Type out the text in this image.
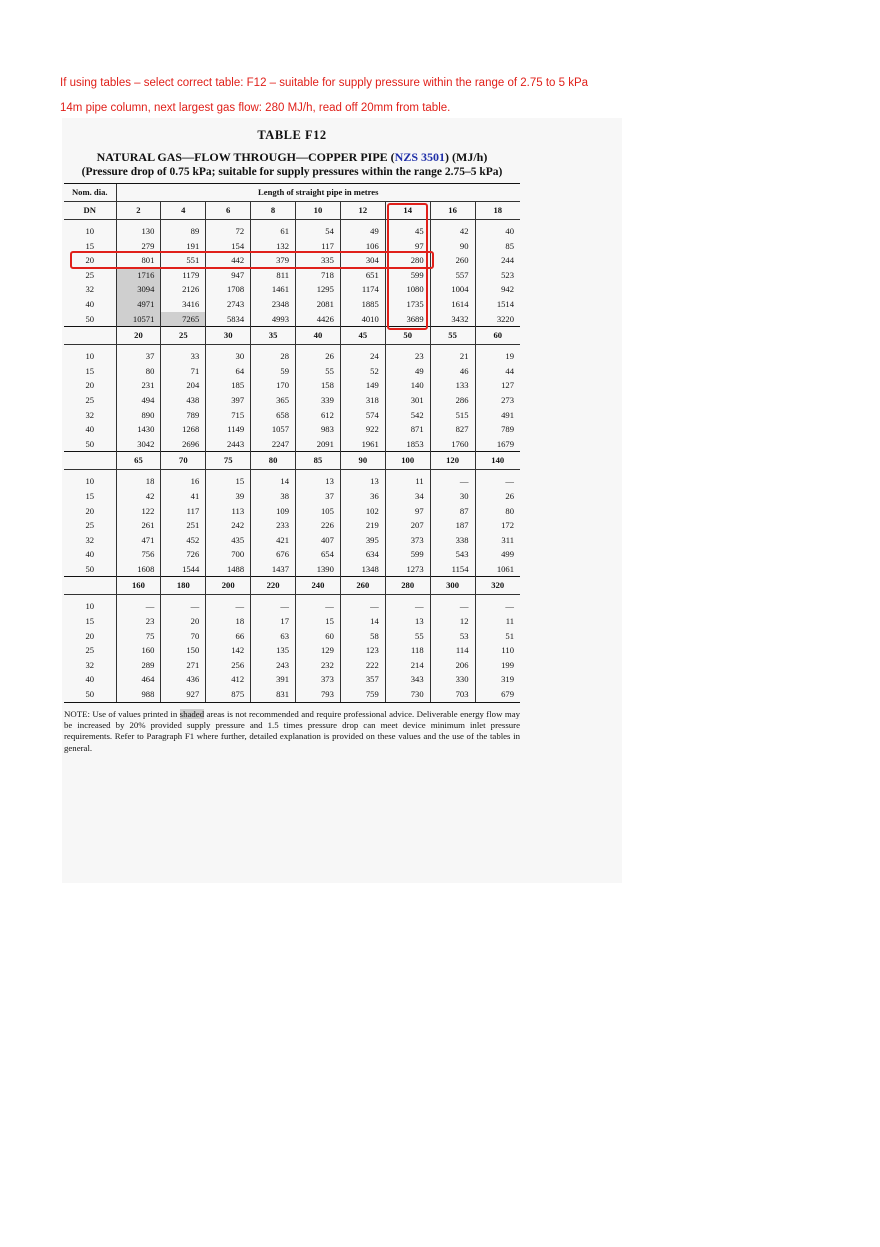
If using tables – select correct table: F12 – suitable for supply pressure within the range of 2.75 to 5 kPa
14m pipe column, next largest gas flow: 280 MJ/h, read off 20mm from table.
TABLE F12
NATURAL GAS—FLOW THROUGH—COPPER PIPE (NZS 3501) (MJ/h)
(Pressure drop of 0.75 kPa; suitable for supply pressures within the range 2.75–5 kPa)
Nom. dia.	Length of straight pipe in metres								
DN	2	4	6	8	10	12	14	16	18

10	130	89	72	61	54	49	45	42	40
15	279	191	154	132	117	106	97	90	85
20	801	551	442	379	335	304	280	260	244
25	1716	1179	947	811	718	651	599	557	523
32	3094	2126	1708	1461	1295	1174	1080	1004	942
40	4971	3416	2743	2348	2081	1885	1735	1614	1514
50	10571	7265	5834	4993	4426	4010	3689	3432	3220
	20	25	30	35	40	45	50	55	60

10	37	33	30	28	26	24	23	21	19
15	80	71	64	59	55	52	49	46	44
20	231	204	185	170	158	149	140	133	127
25	494	438	397	365	339	318	301	286	273
32	890	789	715	658	612	574	542	515	491
40	1430	1268	1149	1057	983	922	871	827	789
50	3042	2696	2443	2247	2091	1961	1853	1760	1679
	65	70	75	80	85	90	100	120	140

10	18	16	15	14	13	13	11	—	—
15	42	41	39	38	37	36	34	30	26
20	122	117	113	109	105	102	97	87	80
25	261	251	242	233	226	219	207	187	172
32	471	452	435	421	407	395	373	338	311
40	756	726	700	676	654	634	599	543	499
50	1608	1544	1488	1437	1390	1348	1273	1154	1061
	160	180	200	220	240	260	280	300	320

10	—	—	—	—	—	—	—	—	—
15	23	20	18	17	15	14	13	12	11
20	75	70	66	63	60	58	55	53	51
25	160	150	142	135	129	123	118	114	110
32	289	271	256	243	232	222	214	206	199
40	464	436	412	391	373	357	343	330	319
50	988	927	875	831	793	759	730	703	679
NOTE: Use of values printed in shaded areas is not recommended and require professional advice. Deliverable energy flow may be increased by 20% provided supply pressure and 1.5 times pressure drop can meet device minimum inlet pressure requirements. Refer to Paragraph F1 where further, detailed explanation is provided on these values and the use of the tables in general.
